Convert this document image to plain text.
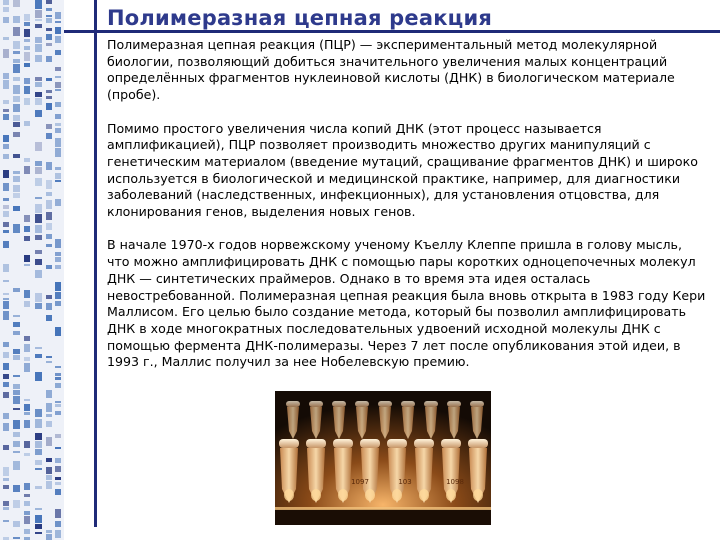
Полимеразная цепная реакция

Полимеразная цепная реакция (ПЦР) — экспериментальный метод молекулярной биологии, позволяющий добиться значительного увеличения малых концентраций определённых фрагментов нуклеиновой кислоты (ДНК) в биологическом материале (пробе).

Помимо простого увеличения числа копий ДНК (этот процесс называется амплификацией), ПЦР позволяет производить множество других манипуляций с генетическим материалом (введение мутаций, сращивание фрагментов ДНК) и широко используется в биологической и медицинской практике, например, для диагностики заболеваний (наследственных, инфекционных), для установления отцовства, для клонирования генов, выделения новых генов.

В начале 1970-х годов норвежскому ученому Къеллу Клеппе пришла в голову мысль, что можно амплифицировать ДНК с помощью пары коротких одноцепочечных молекул ДНК — синтетических праймеров. Однако в то время эта идея осталась невостребованной. Полимеразная цепная реакция была вновь открыта в 1983 году Кери Маллисом. Его целью было создание метода, который бы позволил амплифицировать ДНК в ходе многократных последовательных удвоений исходной молекулы ДНК с помощью фермента ДНК-полимеразы. Через 7 лет после опубликования этой идеи, в 1993 г., Маллис получил за нее Нобелевскую премию.

1097	103	1098
